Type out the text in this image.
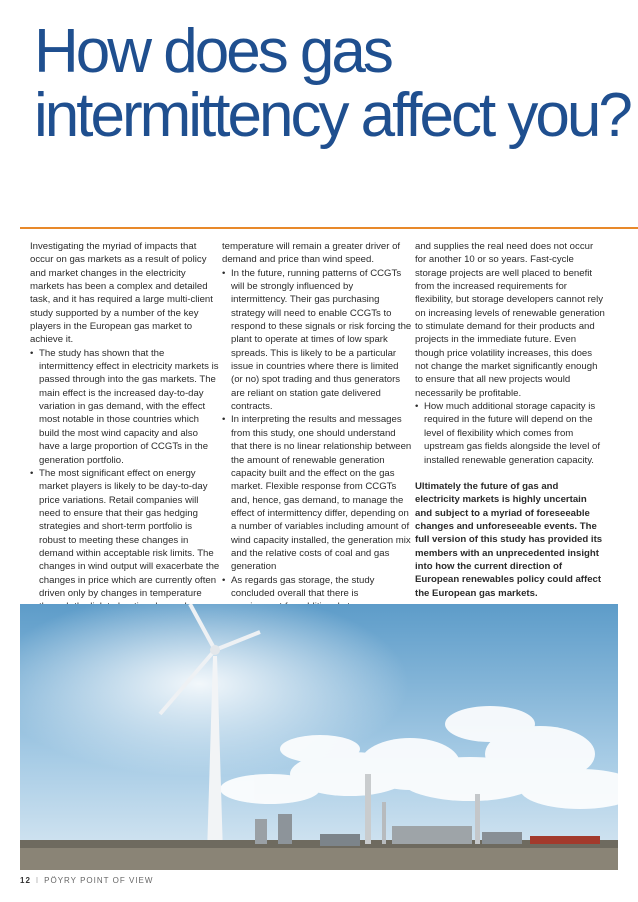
How does gas intermittency affect you?

Investigating the myriad of impacts that occur on gas markets as a result of policy and market changes in the electricity markets has been a complex and detailed task, and it has required a large multi-client study supported by a number of the key players in the European gas market to achieve it.

• The study has shown that the intermittency effect in electricity markets is passed through into the gas markets. The main effect is the increased day-to-day variation in gas demand, with the effect most notable in those countries which build the most wind capacity and also have a large proportion of CCGTs in the generation portfolio.
• The most significant effect on energy market players is likely to be day-to-day price variations. Retail companies will need to ensure that their gas hedging strategies and short-term portfolio is robust to meeting these changes in demand within acceptable risk limits. The changes in wind output will exacerbate the changes in price which are currently often driven only by changes in temperature

temperature will remain a greater driver of demand and price than wind speed.

• In the future, running patterns of CCGTs will be strongly influenced by intermittency. Their gas purchasing strategy will need to enable CCGTs to respond to these signals or risk forcing the plant to operate at times of low spark spreads. This is likely to be a particular issue in countries where there is limited (or no) spot trading and thus generators are reliant on station gate delivered contracts.
• In interpreting the results and messages from this study, one should understand that there is no linear relationship between the amount of renewable generation capacity built and the effect on the gas market. Flexible response from CCGTs and, hence, gas demand, to manage the effect of intermittency differ, depending on a number of variables including amount of wind capacity installed, the generation mix and the relative costs of coal and gas generation
• As regards gas storage, the study concluded overall that there is

and supplies the real need does not occur for another 10 or so years. Fast-cycle storage projects are well placed to benefit from the increased requirements for flexibility, but storage developers cannot rely on increasing levels of renewable generation to stimulate demand for their products and projects in the immediate future. Even though price volatility increases, this does not change the market significantly enough to ensure that all new projects would necessarily be profitable.

• How much additional storage capacity is required in the future will depend on the level of flexibility which comes from upstream gas fields alongside the level of installed renewable generation capacity.

Ultimately the future of gas and electricity markets is highly uncertain and subject to a myriad of foreseeable changes and unforeseeable events. The full version of this study has provided its members with an unprecedented insight into how the current direction of European renewables policy could affect the European gas markets.

12 I PÖYRY POINT OF VIEW
